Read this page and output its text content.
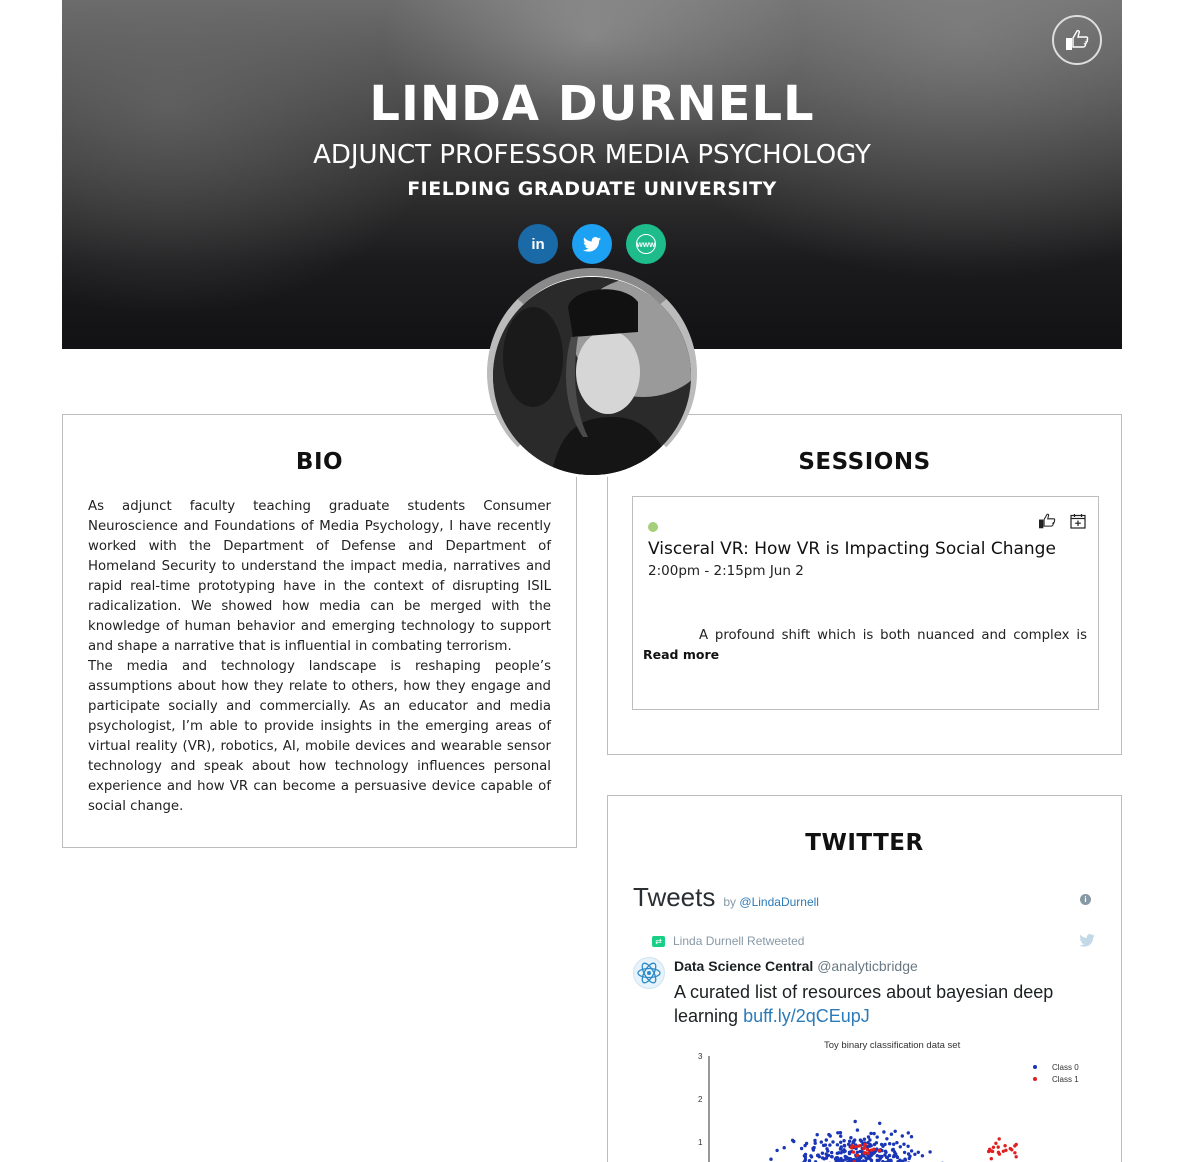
LINDA DURNELL
ADJUNCT PROFESSOR MEDIA PSYCHOLOGY
FIELDING GRADUATE UNIVERSITY
in	www
BIO

As adjunct faculty teaching graduate students Consumer Neuroscience and Foundations of Media Psychology, I have recently worked with the Department of Defense and Department of Homeland Security to understand the impact media, narratives and rapid real-time prototyping have in the context of disrupting ISIL radicalization. We showed how media can be merged with the knowledge of human behavior and emerging technology to support and shape a narrative that is influential in combating terrorism.

The media and technology landscape is reshaping people’s assumptions about how they relate to others, how they engage and participate socially and commercially. As an educator and media psychologist, I’m able to provide insights in the emerging areas of virtual reality (VR), robotics, AI, mobile devices and wearable sensor technology and speak about how technology influences personal experience and how VR can become a persuasive device capable of social change.

SESSIONS
Visceral VR: How VR is Impacting Social Change
2:00pm - 2:15pm Jun 2
A profound shift which is both nuanced and complex is
Read more
TWITTER
Tweets by @LindaDurnell	i
⇄ Linda Durnell Retweeted
Data Science Central @analyticbridge
A curated list of resources about bayesian deep learning buff.ly/2qCEupJ
Toy binary classification data set
3
2
1
Class 0
Class 1
